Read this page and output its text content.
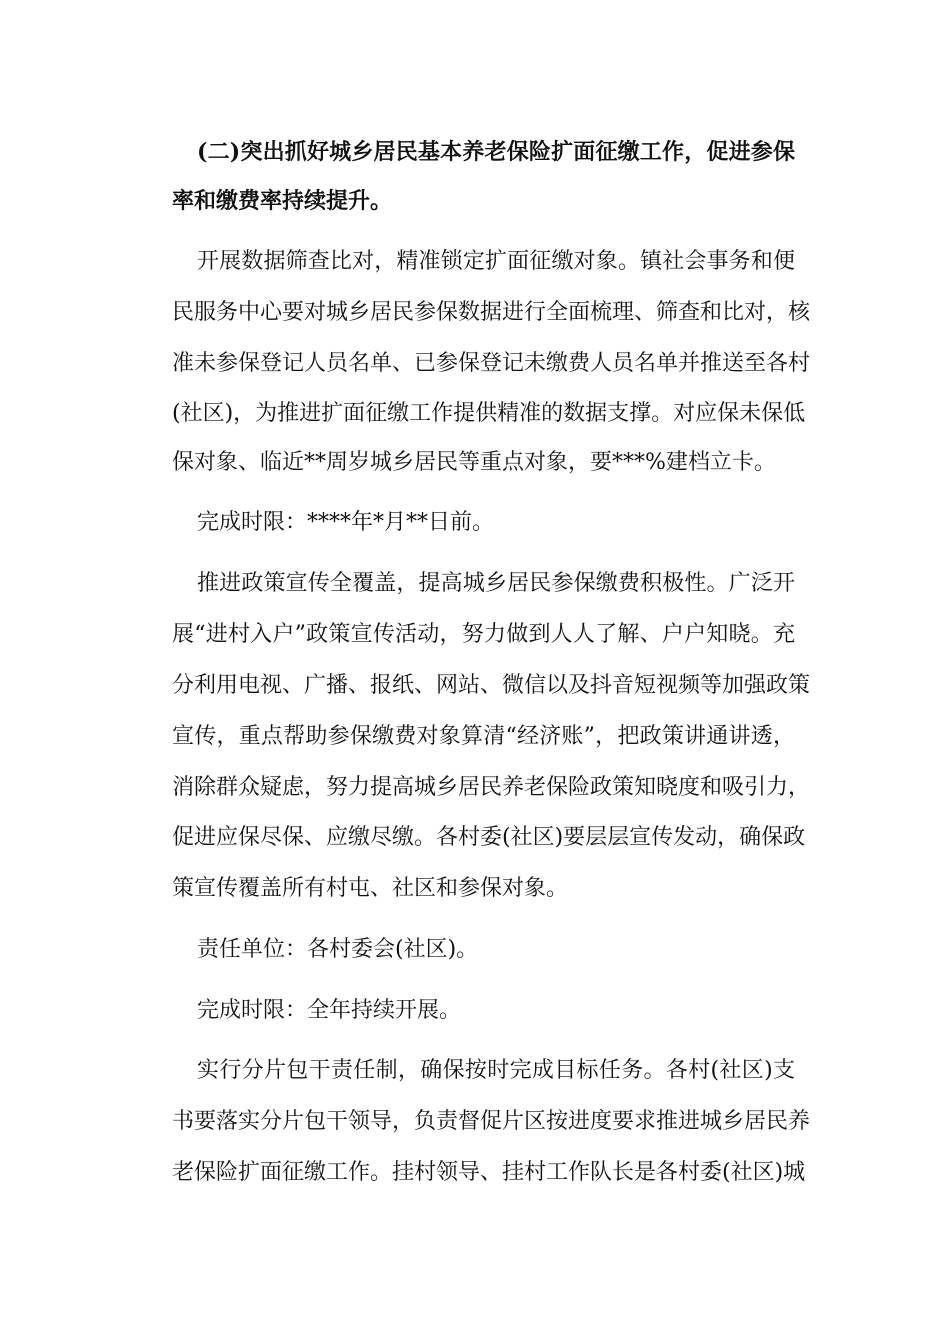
(二)突出抓好城乡居民基本养老保险扩面征缴工作，促进参保
率和缴费率持续提升。
开展数据筛查比对，精准锁定扩面征缴对象。镇社会事务和便
民服务中心要对城乡居民参保数据进行全面梳理、筛查和比对，核
准未参保登记人员名单、已参保登记未缴费人员名单并推送至各村
(社区)，为推进扩面征缴工作提供精准的数据支撑。对应保未保低
保对象、临近**周岁城乡居民等重点对象，要***%建档立卡。
完成时限：****年*月**日前。
推进政策宣传全覆盖，提高城乡居民参保缴费积极性。广泛开
展“进村入户”政策宣传活动，努力做到人人了解、户户知晓。充
分利用电视、广播、报纸、网站、微信以及抖音短视频等加强政策
宣传，重点帮助参保缴费对象算清“经济账”，把政策讲通讲透，
消除群众疑虑，努力提高城乡居民养老保险政策知晓度和吸引力，
促进应保尽保、应缴尽缴。各村委(社区)要层层宣传发动，确保政
策宣传覆盖所有村屯、社区和参保对象。
责任单位：各村委会(社区)。
完成时限：全年持续开展。
实行分片包干责任制，确保按时完成目标任务。各村(社区)支
书要落实分片包干领导，负责督促片区按进度要求推进城乡居民养
老保险扩面征缴工作。挂村领导、挂村工作队长是各村委(社区)城
